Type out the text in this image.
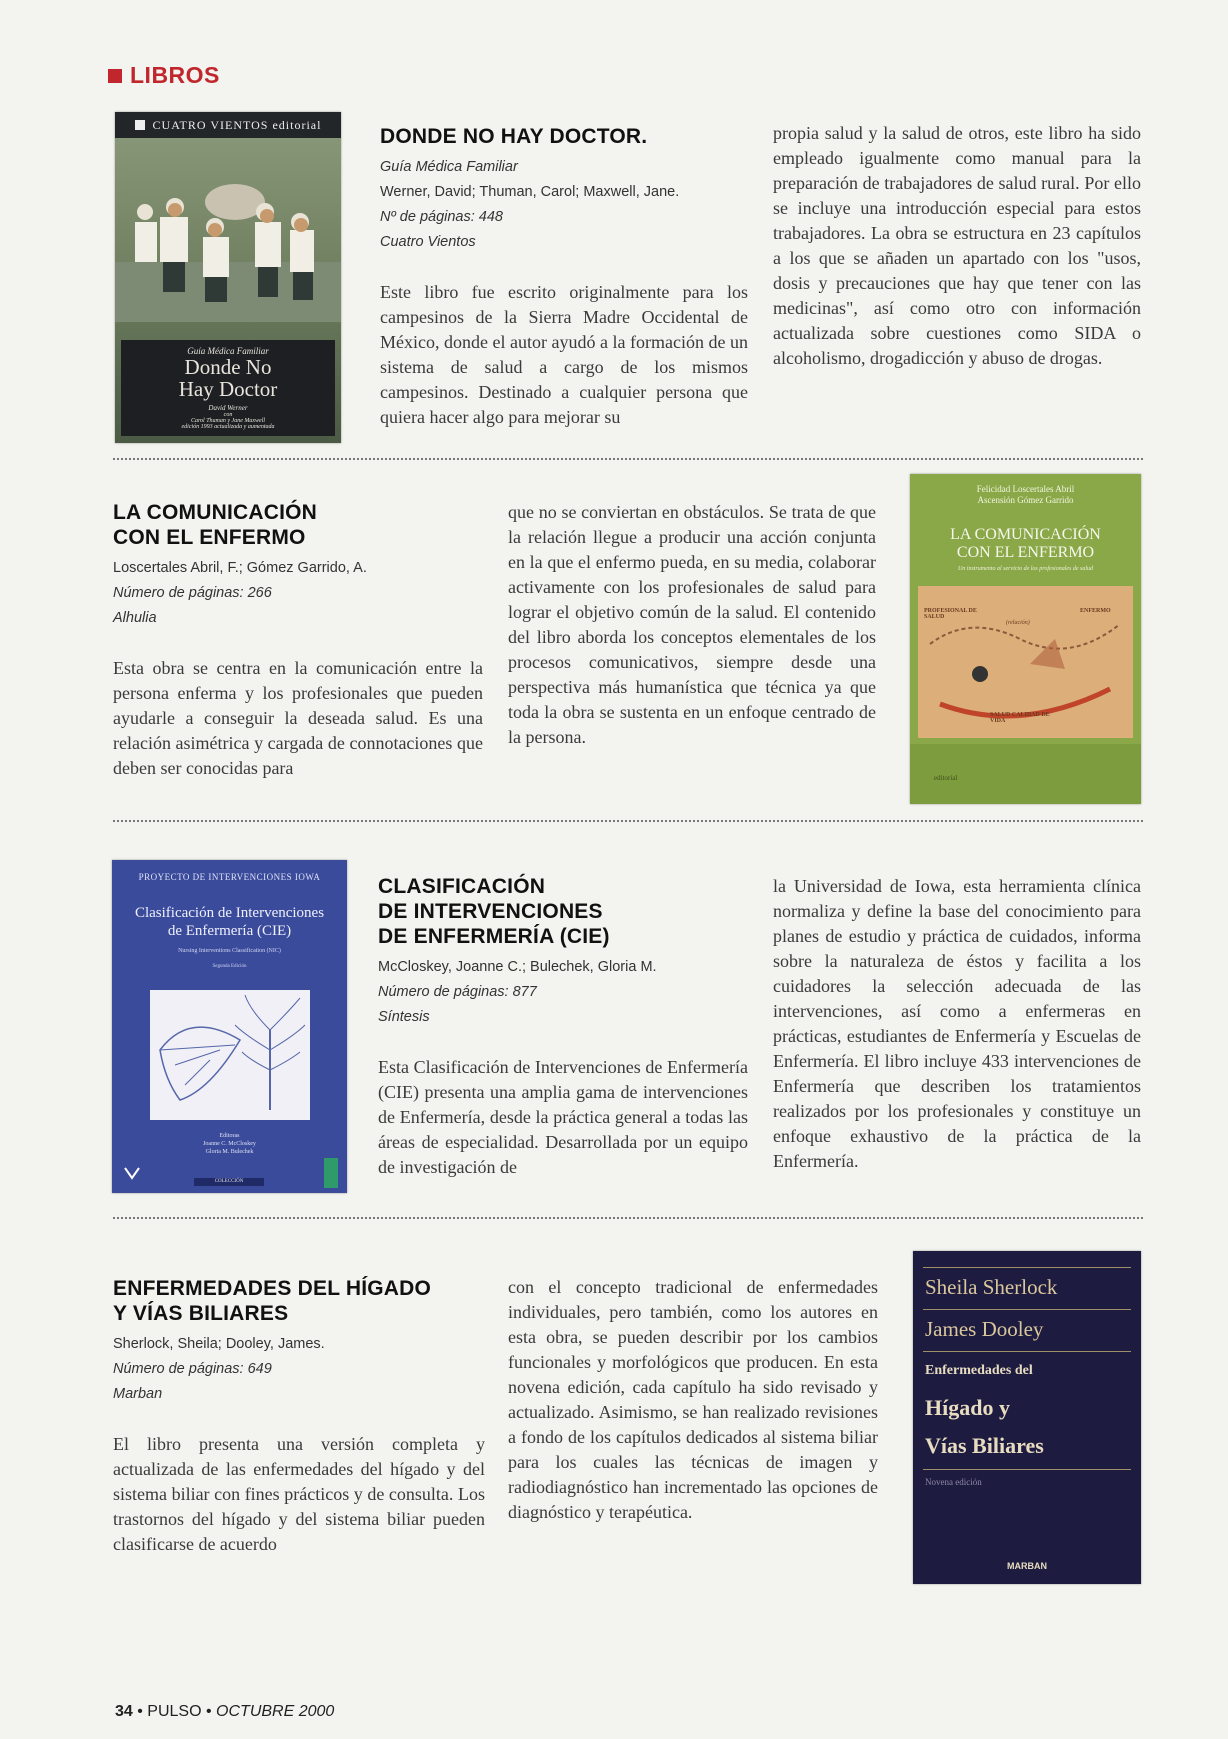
LIBROS
CUATRO VIENTOS editorial
Guía Médica Familiar
Donde No
Hay Doctor
David Werner
con
Carol Thuman y Jane Maxwell
edición 1993 actualizada y aumentada
DONDE NO HAY DOCTOR.
Guía Médica Familiar
Werner, David; Thuman, Carol; Maxwell, Jane.
Nº de páginas: 448
Cuatro Vientos

Este libro fue escrito originalmente para los campesinos de la Sierra Madre Occidental de México, donde el autor ayudó a la formación de un sistema de salud a cargo de los mismos campesinos. Destinado a cualquier persona que quiera hacer algo para mejorar su

propia salud y la salud de otros, este libro ha sido empleado igualmente como manual para la preparación de trabajadores de salud rural. Por ello se incluye una introducción especial para estos trabajadores. La obra se estructura en 23 capítulos a los que se añaden un apartado con los "usos, dosis y precauciones que hay que tener con las medicinas", así como otro con información actualizada sobre cuestiones como SIDA o alcoholismo, drogadicción y abuso de drogas.

LA COMUNICACIÓN
CON EL ENFERMO
Loscertales Abril, F.; Gómez Garrido, A.
Número de páginas: 266
Alhulia

Esta obra se centra en la comunicación entre la persona enferma y los profesionales que pueden ayudarle a conseguir la deseada salud. Es una relación asimétrica y cargada de connotaciones que deben ser conocidas para

que no se conviertan en obstáculos. Se trata de que la relación llegue a producir una acción conjunta en la que el enfermo pueda, en su media, colaborar activamente con los profesionales de salud para lograr el objetivo común de la salud. El contenido del libro aborda los conceptos elementales de los procesos comunicativos, siempre desde una perspectiva más humanística que técnica ya que toda la obra se sustenta en un enfoque centrado de la persona.

Felicidad Loscertales Abril
Ascensión Gómez Garrido
LA COMUNICACIÓN
CON EL ENFERMO
Un instrumento al servicio de los profesionales de salud
PROFESIONAL DE SALUD
ENFERMO
(relación)
SALUD CALIDAD DE VIDA
editorial
PROYECTO DE INTERVENCIONES IOWA
Clasificación de Intervenciones
de Enfermería (CIE)
Nursing Interventions Classification (NIC)
Segunda Edición
Editoras
Joanne C. McCloskey
Gloria M. Bulechek
COLECCIÓN
CLASIFICACIÓN
DE INTERVENCIONES
DE ENFERMERÍA (CIE)
McCloskey, Joanne C.; Bulechek, Gloria M.
Número de páginas: 877
Síntesis

Esta Clasificación de Intervenciones de Enfermería (CIE) presenta una amplia gama de intervenciones de Enfermería, desde la práctica general a todas las áreas de especialidad. Desarrollada por un equipo de investigación de

la Universidad de Iowa, esta herramienta clínica normaliza y define la base del conocimiento para planes de estudio y práctica de cuidados, informa sobre la naturaleza de éstos y facilita a los cuidadores la selección adecuada de las intervenciones, así como a enfermeras en prácticas, estudiantes de Enfermería y Escuelas de Enfermería. El libro incluye 433 intervenciones de Enfermería que describen los tratamientos realizados por los profesionales y constituye un enfoque exhaustivo de la práctica de la Enfermería.

ENFERMEDADES DEL HÍGADO
Y VÍAS BILIARES
Sherlock, Sheila; Dooley, James.
Número de páginas: 649
Marban

El libro presenta una versión completa y actualizada de las enfermedades del hígado y del sistema biliar con fines prácticos y de consulta. Los trastornos del hígado y del sistema biliar pueden clasificarse de acuerdo

con el concepto tradicional de enfermedades individuales, pero también, como los autores en esta obra, se pueden describir por los cambios funcionales y morfológicos que producen. En esta novena edición, cada capítulo ha sido revisado y actualizado. Asimismo, se han realizado revisiones a fondo de los capítulos dedicados al sistema biliar para los cuales las técnicas de imagen y radiodiagnóstico han incrementado las opciones de diagnóstico y terapéutica.

Sheila Sherlock
James Dooley
Enfermedades del
Hígado y
Vías Biliares
Novena edición
MARBAN
34 • PULSO • OCTUBRE 2000
